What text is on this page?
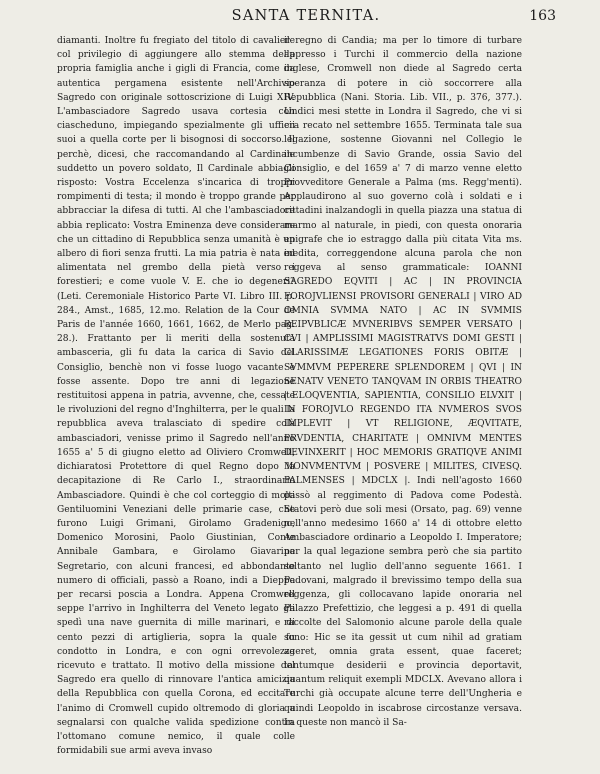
SANTA TERNITA.	163

diamanti. Inoltre fu fregiato del titolo di cavaliere col privilegio di aggiungere allo stemma della propria famiglia anche i gigli di Francia, come da autentica pergamena esistente nell'Archivio Sagredo con originale sottoscrizione di Luigi XIV. L'ambasciadore Sagredo usava cortesia con ciascheduno, impiegando spezialmente gli ufficii suoi a quella corte per li bisognosi di soccorso. Il perchè, dicesi, che raccomandando al Cardinale suddetto un povero soldato, Il Cardinale abbiagli risposto: Vostra Eccelenza s'incarica di troppi rompimenti di testa; il mondo è troppo grande per abbracciar la difesa di tutti. Al che l'ambasciadore abbia replicato: Vostra Eminenza deve considerare che un cittadino di Repubblica senza umanità è un albero di fiori senza frutti. La mia patria è nata ed alimentata nel grembo della pietà verso i forestieri; e come vuole V. E. che io degeneri? (Leti. Ceremoniale Historico Parte VI. Libro III. p. 284., Amst., 1685, 12.mo. Relation de la Cour de Paris de l'année 1660, 1661, 1662, de Merlo pag. 28.). Frattanto per li meriti della sostenuta ambasceria, gli fu data la carica di Savio del Consiglio, benchè non vi fosse luogo vacante e fosse assente. Dopo tre anni di legazione restituitosi appena in patria, avvenne, che, cessate le rivoluzioni del regno d'Inghilterra, per le quali la repubblica aveva tralasciato di spedire colà ambasciadori, venisse primo il Sagredo nell'anno 1655 a' 5 di giugno eletto ad Oliviero Cromwell, dichiaratosi Protettore di quel Regno dopo la decapitazione di Re Carlo I., straordinario Ambasciadore. Quindi è che col corteggio di molti Gentiluomini Veneziani delle primarie case, che furono Luigi Grimani, Girolamo Gradenigo, Domenico Morosini, Paolo Giustinian, Conte Annibale Gambara, e Girolamo Giavarina Segretario, con alcuni francesi, ed abbondante numero di officiali, passò a Roano, indi a Dieppe per recarsi poscia a Londra. Appena Cromwell seppe l'arrivo in Inghilterra del Veneto legato gli spedì una nave guernita di mille marinari, e di cento pezzi di artiglieria, sopra la quale fu condotto in Londra, e con ogni orrevolezza ricevuto e trattato. Il motivo della missione del Sagredo era quello di rinnovare l'antica amicizia della Repubblica con quella Corona, ed eccitare l'animo di Cromwell cupido oltremodo di gloria a segnalarsi con qualche valida spedizione contra l'ottomano comune nemico, il quale colle formidabili sue armi aveva invaso

il regno di Candia; ma per lo timore di turbare appresso i Turchi il commercio della nazione inglese, Cromwell non diede al Sagredo certa speranza di potere in ciò soccorrere alla Repubblica (Nani. Storia. Lib. VII., p. 376, 377.). Undici mesi stette in Londra il Sagredo, che vi si era recato nel settembre 1655. Terminata tale sua legazione, sostenne Giovanni nel Collegio le incumbenze di Savio Grande, ossia Savio del Consiglio, e del 1659 a' 7 di marzo venne eletto Provveditore Generale a Palma (ms. Regg'menti). Applaudirono al suo governo colà i soldati e i cittadini inalzandogli in quella piazza una statua di marmo al naturale, in piedi, con questa onoraria epigrafe che io estraggo dalla più citata Vita ms. inedita, correggendone alcuna parola che non reggeva al senso grammaticale: IOANNI SAGREDO EQVITI | AC | IN PROVINCIA FOROJVLIENSI PROVISORI GENERALI | VIRO AD OMNIA SVMMA NATO | AC IN SVMMIS REIPVBLICÆ MVNERIBVS SEMPER VERSATO | CVI | AMPLISSIMI MAGISTRATVS DOMI GESTI | CLARISSIMÆ LEGATIONES FORIS OBITÆ | SVMMVM PEPERERE SPLENDOREM | QVI | IN SENATV VENETO TANQVAM IN ORBIS THEATRO | ELOQVENTIA, SAPIENTIA, CONSILIO ELVXIT | IN FOROJVLO REGENDO ITA NVMEROS SVOS IMPLEVIT | VT RELIGIONE, ÆQVITATE, PRVDENTIA, CHARITATE | OMNIVM MENTES DEVINXERIT | HOC MEMORIS GRATIQVE ANIMI MONVMENTVM | POSVERE | MILITES, CIVESQ. PALMENSES | MDCLX |. Indi nell'agosto 1660 passò al reggimento di Padova come Podestà. Statovi però due soli mesi (Orsato, pag. 69) venne nell'anno medesimo 1660 a' 14 di ottobre eletto Ambasciadore ordinario a Leopoldo I. Imperatore; per la qual legazione sembra però che sia partito soltanto nel luglio dell'anno seguente 1661. I Padovani, malgrado il brevissimo tempo della sua reggenza, gli collocavano lapide onoraria nel Palazzo Prefettizio, che leggesi a p. 491 di quella raccolte del Salomonio alcune parole della quale sono: Hic se ita gessit ut cum nihil ad gratiam ageret, omnia grata essent, quae faceret; tantumque desiderii e provincia deportavit, quantum reliquit exempli MDCLX. Avevano allora i Turchi già occupate alcune terre dell'Ungheria e quindi Leopoldo in iscabrose circostanze versava. In queste non mancò il Sa-
